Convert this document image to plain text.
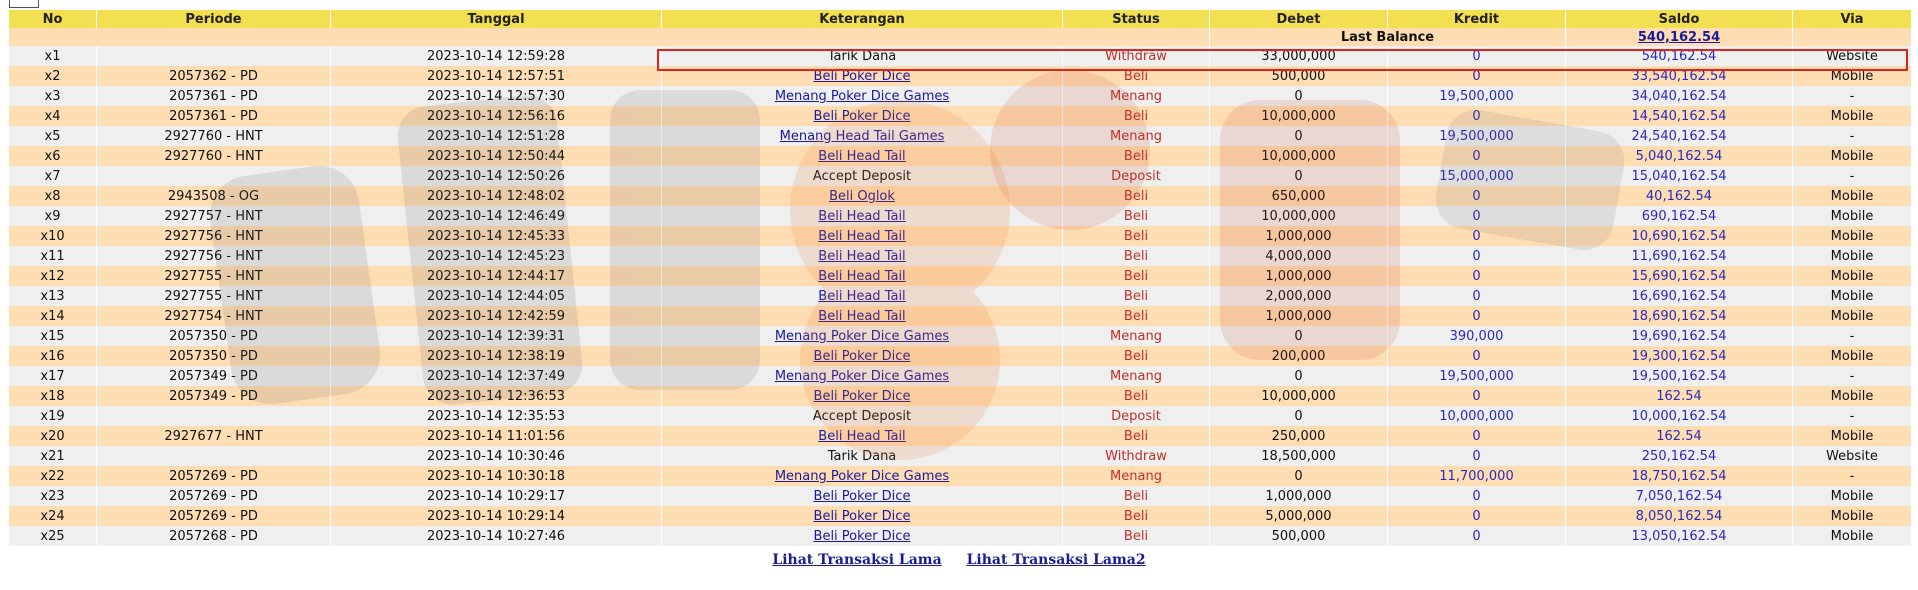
No	Periode	Tanggal	Keterangan	Status	Debet	Kredit	Saldo	Via
					Last Balance		540,162.54	
x1		2023-10-14 12:59:28	Tarik Dana	Withdraw	33,000,000	0	540,162.54	Website
x2	2057362 - PD	2023-10-14 12:57:51	Beli Poker Dice	Beli	500,000	0	33,540,162.54	Mobile
x3	2057361 - PD	2023-10-14 12:57:30	Menang Poker Dice Games	Menang	0	19,500,000	34,040,162.54	-
x4	2057361 - PD	2023-10-14 12:56:16	Beli Poker Dice	Beli	10,000,000	0	14,540,162.54	Mobile
x5	2927760 - HNT	2023-10-14 12:51:28	Menang Head Tail Games	Menang	0	19,500,000	24,540,162.54	-
x6	2927760 - HNT	2023-10-14 12:50:44	Beli Head Tail	Beli	10,000,000	0	5,040,162.54	Mobile
x7		2023-10-14 12:50:26	Accept Deposit	Deposit	0	15,000,000	15,040,162.54	-
x8	2943508 - OG	2023-10-14 12:48:02	Beli Oglok	Beli	650,000	0	40,162.54	Mobile
x9	2927757 - HNT	2023-10-14 12:46:49	Beli Head Tail	Beli	10,000,000	0	690,162.54	Mobile
x10	2927756 - HNT	2023-10-14 12:45:33	Beli Head Tail	Beli	1,000,000	0	10,690,162.54	Mobile
x11	2927756 - HNT	2023-10-14 12:45:23	Beli Head Tail	Beli	4,000,000	0	11,690,162.54	Mobile
x12	2927755 - HNT	2023-10-14 12:44:17	Beli Head Tail	Beli	1,000,000	0	15,690,162.54	Mobile
x13	2927755 - HNT	2023-10-14 12:44:05	Beli Head Tail	Beli	2,000,000	0	16,690,162.54	Mobile
x14	2927754 - HNT	2023-10-14 12:42:59	Beli Head Tail	Beli	1,000,000	0	18,690,162.54	Mobile
x15	2057350 - PD	2023-10-14 12:39:31	Menang Poker Dice Games	Menang	0	390,000	19,690,162.54	-
x16	2057350 - PD	2023-10-14 12:38:19	Beli Poker Dice	Beli	200,000	0	19,300,162.54	Mobile
x17	2057349 - PD	2023-10-14 12:37:49	Menang Poker Dice Games	Menang	0	19,500,000	19,500,162.54	-
x18	2057349 - PD	2023-10-14 12:36:53	Beli Poker Dice	Beli	10,000,000	0	162.54	Mobile
x19		2023-10-14 12:35:53	Accept Deposit	Deposit	0	10,000,000	10,000,162.54	-
x20	2927677 - HNT	2023-10-14 11:01:56	Beli Head Tail	Beli	250,000	0	162.54	Mobile
x21		2023-10-14 10:30:46	Tarik Dana	Withdraw	18,500,000	0	250,162.54	Website
x22	2057269 - PD	2023-10-14 10:30:18	Menang Poker Dice Games	Menang	0	11,700,000	18,750,162.54	-
x23	2057269 - PD	2023-10-14 10:29:17	Beli Poker Dice	Beli	1,000,000	0	7,050,162.54	Mobile
x24	2057269 - PD	2023-10-14 10:29:14	Beli Poker Dice	Beli	5,000,000	0	8,050,162.54	Mobile
x25	2057268 - PD	2023-10-14 10:27:46	Beli Poker Dice	Beli	500,000	0	13,050,162.54	Mobile
Lihat Transaksi Lama Lihat Transaksi Lama2
